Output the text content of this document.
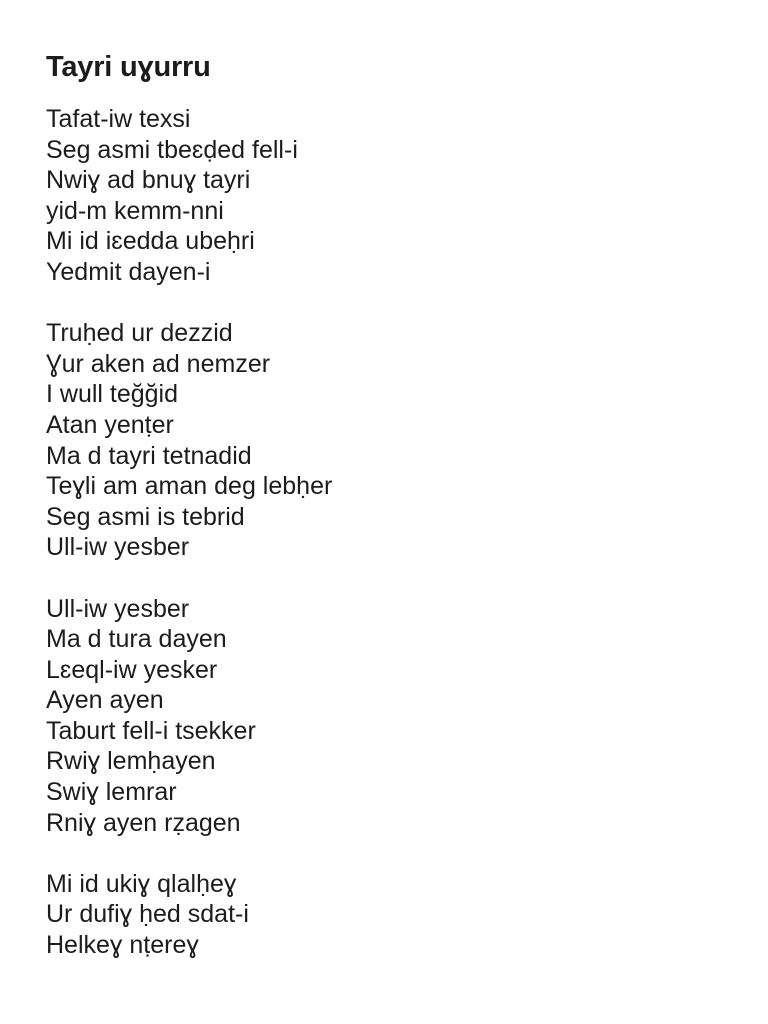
Tayri uɣurru
Tafat-iw texsi
Seg asmi tbeɛḍed fell-i
Nwiɣ ad bnuɣ tayri
yid-m kemm-nni
Mi id iɛedda ubeḥri
Yedmit dayen-i
Truḥed ur dezzid
Ɣur aken ad nemzer
I wull teğğid
Atan yenṭer
Ma d tayri tetnadid
Teɣli am aman deg lebḥer
Seg asmi is tebrid
Ull-iw yesber
Ull-iw yesber
Ma d tura dayen
Lɛeql-iw yesker
Ayen ayen
Taburt fell-i tsekker
Rwiɣ lemḥayen
Swiɣ lemrar
Rniɣ ayen rẓagen
Mi id ukiɣ qlalḥeɣ
Ur dufiɣ ḥed sdat-i
Helkeɣ nṭereɣ
